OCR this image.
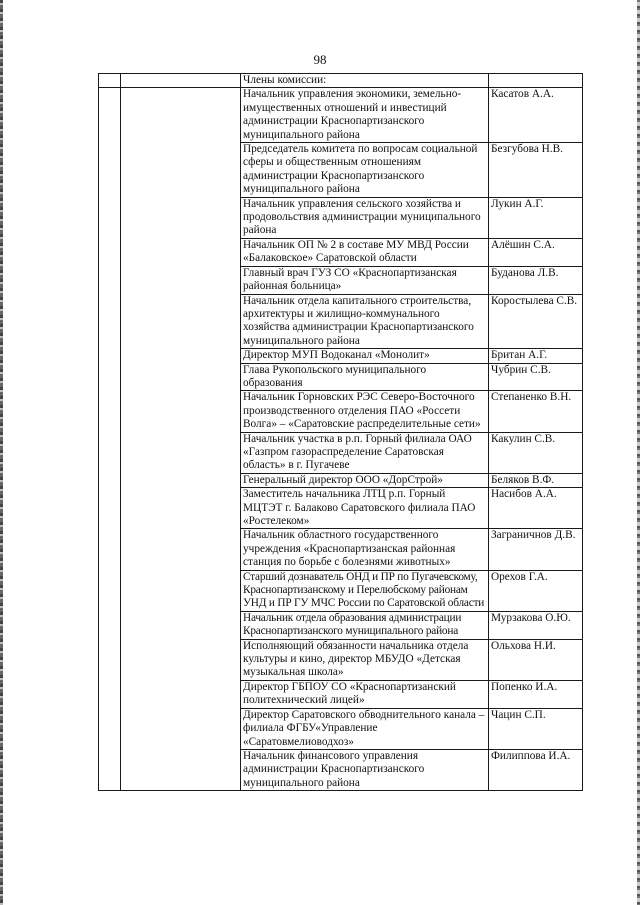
98
		Члены комиссии:	
		Начальник управления экономики, земельно-имущественных отношений и инвестиций администрации Краснопартизанского муниципального района	Касатов А.А.
		Председатель комитета по вопросам социальной сферы и общественным отношениям администрации Краснопартизанского муниципального района	Безгубова Н.В.
		Начальник управления сельского хозяйства и продовольствия администрации муниципального района	Лукин А.Г.
		Начальник ОП № 2 в составе МУ МВД России «Балаковское» Саратовской области	Алёшин С.А.
		Главный врач ГУЗ СО «Краснопартизанская районная больница»	Буданова Л.В.
		Начальник отдела капитального строительства, архитектуры и жилищно-коммунального хозяйства администрации Краснопартизанского муниципального района	Коростылева С.В.
		Директор МУП Водоканал «Монолит»	Британ А.Г.
		Глава Рукопольского муниципального образования	Чубрин С.В.
		Начальник Горновских РЭС Северо-Восточного производственного отделения ПАО «Россети Волга» – «Саратовские распределительные сети»	Степаненко В.Н.
		Начальник участка в р.п. Горный филиала ОАО «Газпром газораспределение Саратовская область» в г. Пугачеве	Какулин С.В.
		Генеральный директор ООО «ДорСтрой»	Беляков В.Ф.
		Заместитель начальника ЛТЦ р.п. Горный МЦТЭТ г. Балаково Саратовского филиала ПАО «Ростелеком»	Насибов А.А.
		Начальник областного государственного учреждения «Краснопартизанская районная станция по борьбе с болезнями животных»	Заграничнов Д.В.
		Старший дознаватель ОНД и ПР по Пугачевскому, Краснопартизанскому и Перелюбскому районам УНД и ПР ГУ МЧС России по Саратовской области	Орехов Г.А.
		Начальник отдела образования администрации Краснопартизанского муниципального района	Мурзакова О.Ю.
		Исполняющий обязанности начальника отдела культуры и кино, директор МБУДО «Детская музыкальная школа»	Ольхова Н.И.
		Директор ГБПОУ СО «Краснопартизанский политехнический лицей»	Попенко И.А.
		Директор Саратовского обводнительного канала – филиала ФГБУ«Управление «Саратовмелиоводхоз»	Чацин С.П.
		Начальник финансового управления администрации Краснопартизанского муниципального района	Филиппова И.А.
